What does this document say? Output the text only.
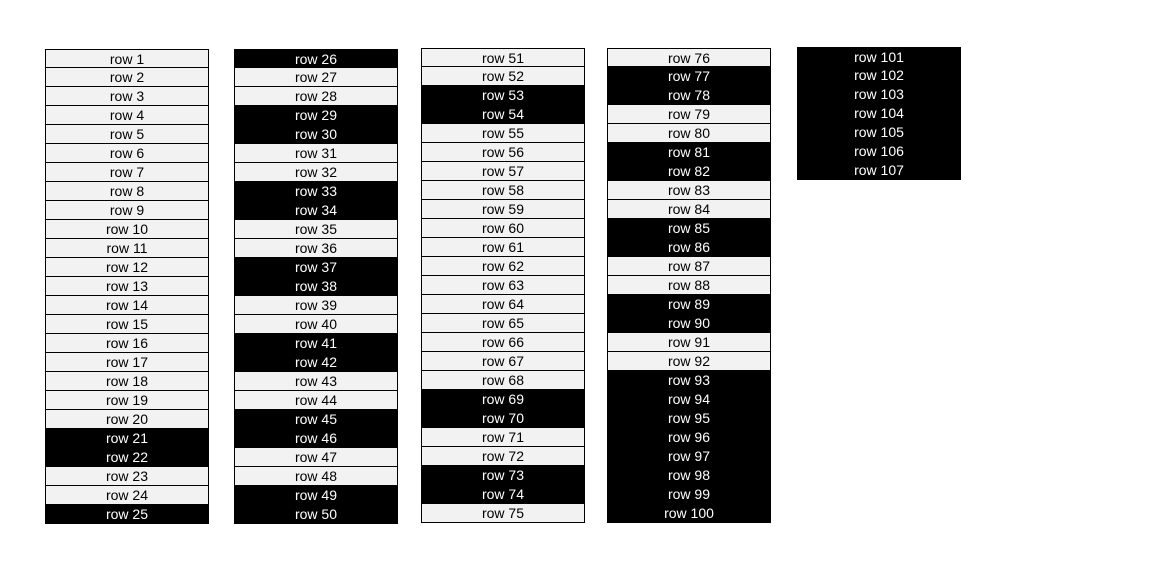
row 1
row 2
row 3
row 4
row 5
row 6
row 7
row 8
row 9
row 10
row 11
row 12
row 13
row 14
row 15
row 16
row 17
row 18
row 19
row 20
row 21
row 22
row 23
row 24
row 25
row 26
row 27
row 28
row 29
row 30
row 31
row 32
row 33
row 34
row 35
row 36
row 37
row 38
row 39
row 40
row 41
row 42
row 43
row 44
row 45
row 46
row 47
row 48
row 49
row 50
row 51
row 52
row 53
row 54
row 55
row 56
row 57
row 58
row 59
row 60
row 61
row 62
row 63
row 64
row 65
row 66
row 67
row 68
row 69
row 70
row 71
row 72
row 73
row 74
row 75
row 76
row 77
row 78
row 79
row 80
row 81
row 82
row 83
row 84
row 85
row 86
row 87
row 88
row 89
row 90
row 91
row 92
row 93
row 94
row 95
row 96
row 97
row 98
row 99
row 100
row 101
row 102
row 103
row 104
row 105
row 106
row 107
